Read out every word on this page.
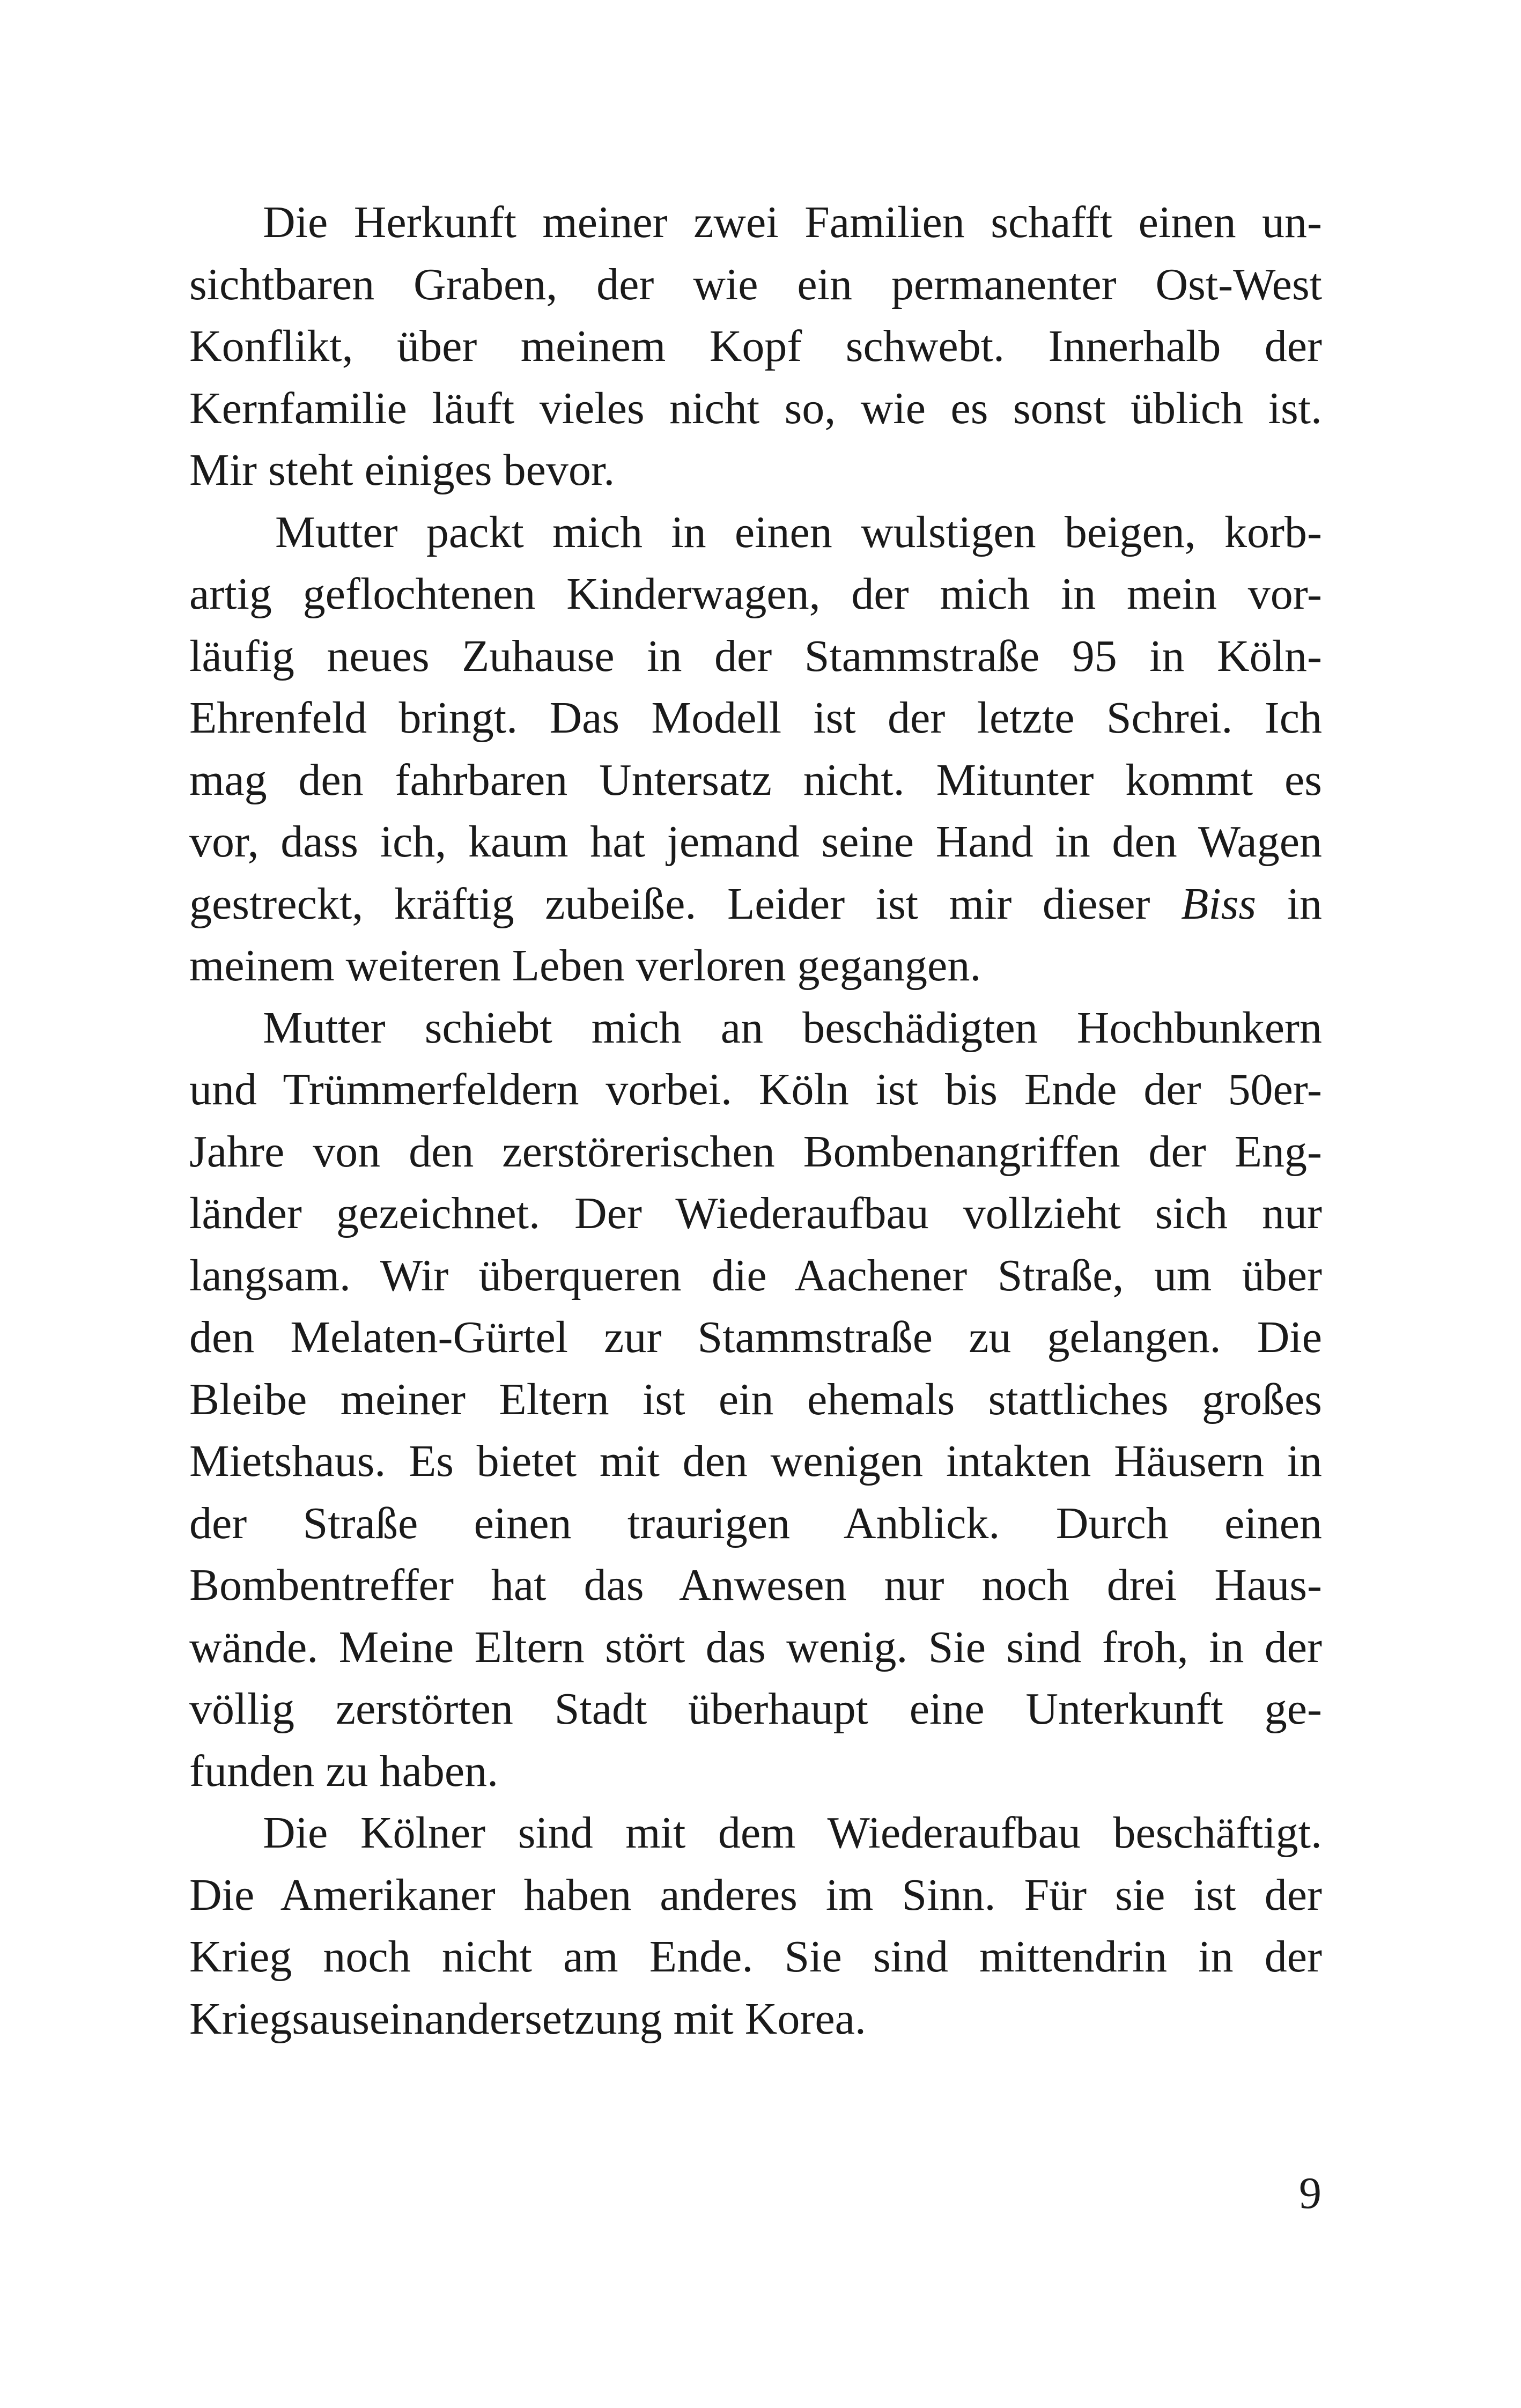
Die Herkunft meiner zwei Familien schafft einen un-
sichtbaren Graben, der wie ein permanenter Ost-West
Konflikt, über meinem Kopf schwebt. Innerhalb der
Kernfamilie läuft vieles nicht so, wie es sonst üblich ist.
Mir steht einiges bevor.
Mutter packt mich in einen wulstigen beigen, korb-
artig geflochtenen Kinderwagen, der mich in mein vor-
läufig neues Zuhause in der Stammstraße 95 in Köln-
Ehrenfeld bringt. Das Modell ist der letzte Schrei. Ich
mag den fahrbaren Untersatz nicht. Mitunter kommt es
vor, dass ich, kaum hat jemand seine Hand in den Wagen
gestreckt, kräftig zubeiße. Leider ist mir dieser Biss in
meinem weiteren Leben verloren gegangen.
Mutter schiebt mich an beschädigten Hochbunkern
und Trümmerfeldern vorbei. Köln ist bis Ende der 50er-
Jahre von den zerstörerischen Bombenangriffen der Eng-
länder gezeichnet. Der Wiederaufbau vollzieht sich nur
langsam. Wir überqueren die Aachener Straße, um über
den Melaten-Gürtel zur Stammstraße zu gelangen. Die
Bleibe meiner Eltern ist ein ehemals stattliches großes
Mietshaus. Es bietet mit den wenigen intakten Häusern in
der Straße einen traurigen Anblick. Durch einen
Bombentreffer hat das Anwesen nur noch drei Haus-
wände. Meine Eltern stört das wenig. Sie sind froh, in der
völlig zerstörten Stadt überhaupt eine Unterkunft ge-
funden zu haben.
Die Kölner sind mit dem Wiederaufbau beschäftigt.
Die Amerikaner haben anderes im Sinn. Für sie ist der
Krieg noch nicht am Ende. Sie sind mittendrin in der
Kriegsauseinandersetzung mit Korea.
9
